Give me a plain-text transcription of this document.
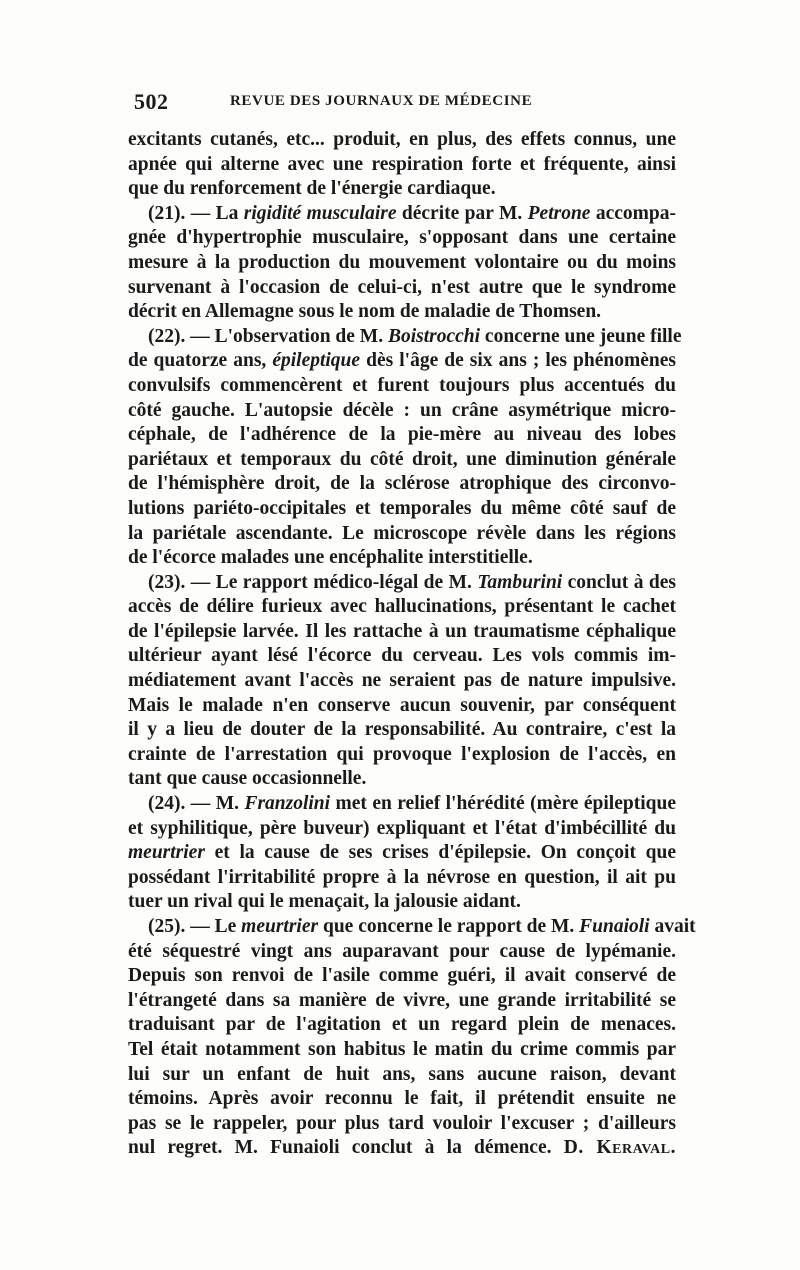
502	REVUE DES JOURNAUX DE MÉDECINE
excitants cutanés, etc... produit, en plus, des effets connus, une
apnée qui alterne avec une respiration forte et fréquente, ainsi
que du renforcement de l'énergie cardiaque.
(21). — La rigidité musculaire décrite par M. Petrone accompa-
gnée d'hypertrophie musculaire, s'opposant dans une certaine
mesure à la production du mouvement volontaire ou du moins
survenant à l'occasion de celui-ci, n'est autre que le syndrome
décrit en Allemagne sous le nom de maladie de Thomsen.
(22). — L'observation de M. Boistrocchi concerne une jeune fille
de quatorze ans, épileptique dès l'âge de six ans ; les phénomènes
convulsifs commencèrent et furent toujours plus accentués du
côté gauche. L'autopsie décèle : un crâne asymétrique micro-
céphale, de l'adhérence de la pie-mère au niveau des lobes
pariétaux et temporaux du côté droit, une diminution générale
de l'hémisphère droit, de la sclérose atrophique des circonvo-
lutions pariéto-occipitales et temporales du même côté sauf de
la pariétale ascendante. Le microscope révèle dans les régions
de l'écorce malades une encéphalite interstitielle.
(23). — Le rapport médico-légal de M. Tamburini conclut à des
accès de délire furieux avec hallucinations, présentant le cachet
de l'épilepsie larvée. Il les rattache à un traumatisme céphalique
ultérieur ayant lésé l'écorce du cerveau. Les vols commis im-
médiatement avant l'accès ne seraient pas de nature impulsive.
Mais le malade n'en conserve aucun souvenir, par conséquent
il y a lieu de douter de la responsabilité. Au contraire, c'est la
crainte de l'arrestation qui provoque l'explosion de l'accès, en
tant que cause occasionnelle.
(24). — M. Franzolini met en relief l'hérédité (mère épileptique
et syphilitique, père buveur) expliquant et l'état d'imbécillité du
meurtrier et la cause de ses crises d'épilepsie. On conçoit que
possédant l'irritabilité propre à la névrose en question, il ait pu
tuer un rival qui le menaçait, la jalousie aidant.
(25). — Le meurtrier que concerne le rapport de M. Funaioli avait
été séquestré vingt ans auparavant pour cause de lypémanie.
Depuis son renvoi de l'asile comme guéri, il avait conservé de
l'étrangeté dans sa manière de vivre, une grande irritabilité se
traduisant par de l'agitation et un regard plein de menaces.
Tel était notamment son habitus le matin du crime commis par
lui sur un enfant de huit ans, sans aucune raison, devant
témoins. Après avoir reconnu le fait, il prétendit ensuite ne
pas se le rappeler, pour plus tard vouloir l'excuser ; d'ailleurs
nul regret. M. Funaioli conclut à la démence. D. Keraval.
